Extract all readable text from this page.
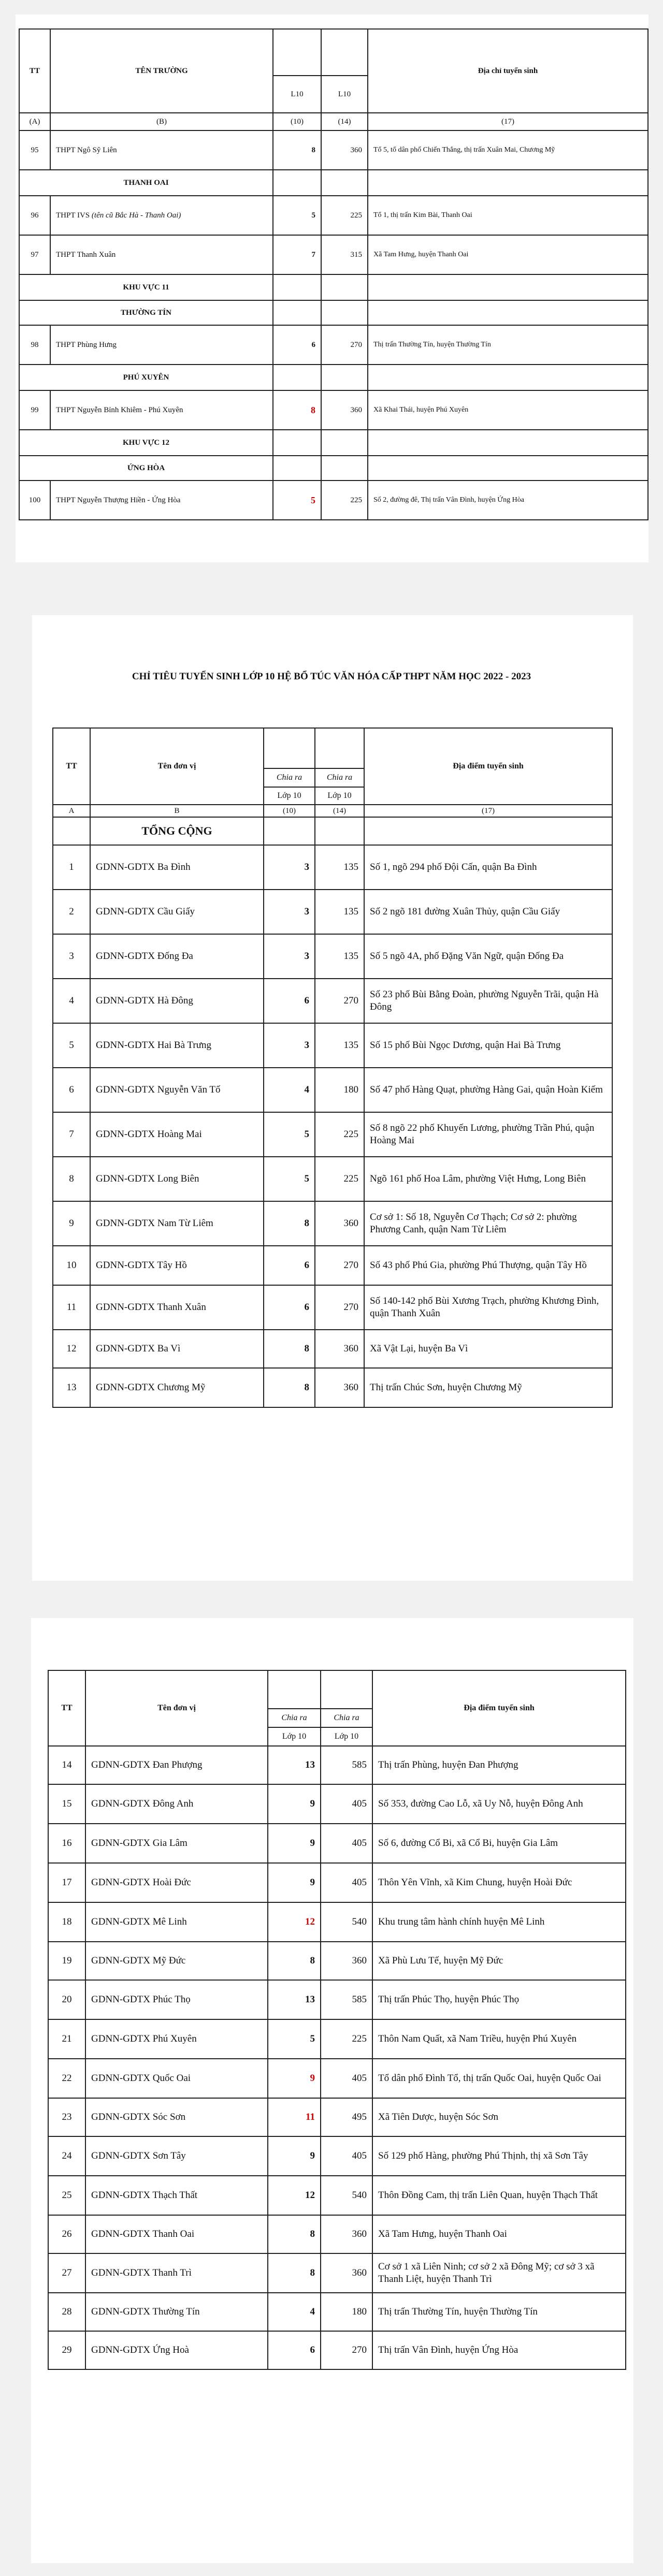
TT	TÊN TRƯỜNG			Địa chỉ tuyển sinh
		L10	L10	
(A)	(B)	(10)	(14)	(17)
95	THPT Ngô Sỹ Liên	8	360	Tổ 5, tổ dân phố Chiến Thắng, thị trấn Xuân Mai, Chương Mỹ
THANH OAI				
96	THPT IVS (tên cũ Bắc Hà - Thanh Oai)	5	225	Tổ 1, thị trấn Kim Bài, Thanh Oai
97	THPT Thanh Xuân	7	315	Xã Tam Hưng, huyện Thanh Oai
KHU VỰC 11				
THƯỜNG TÍN				
98	THPT Phùng Hưng	6	270	Thị trấn Thường Tín, huyện Thường Tín
PHÚ XUYÊN				
99	THPT Nguyễn Bỉnh Khiêm - Phú Xuyên	8	360	Xã Khai Thái, huyện Phú Xuyên
KHU VỰC 12				
ỨNG HÒA				
100	THPT Nguyễn Thượng Hiền - Ứng Hòa	5	225	Số 2, đường đê, Thị trấn Vân Đình, huyện Ứng Hòa
CHỈ TIÊU TUYỂN SINH LỚP 10 HỆ BỔ TÚC VĂN HÓA CẤP THPT NĂM HỌC 2022 - 2023
TT	Tên đơn vị			Địa điểm tuyển sinh
		Chia ra	Chia ra	
		Lớp 10	Lớp 10	
A	B	(10)	(14)	(17)
	TỔNG CỘNG			
1	GDNN-GDTX Ba Đình	3	135	Số 1, ngõ 294 phố Đội Cấn, quận Ba Đình
2	GDNN-GDTX Cầu Giấy	3	135	Số 2 ngõ 181 đường Xuân Thủy, quận Cầu Giấy
3	GDNN-GDTX Đống Đa	3	135	Số 5 ngõ 4A, phố Đặng Văn Ngữ, quận Đống Đa
4	GDNN-GDTX Hà Đông	6	270	Số 23 phố Bùi Bằng Đoàn, phường Nguyễn Trãi, quận Hà Đông
5	GDNN-GDTX Hai Bà Trưng	3	135	Số 15 phố Bùi Ngọc Dương, quận Hai Bà Trưng
6	GDNN-GDTX Nguyễn Văn Tố	4	180	Số 47 phố Hàng Quạt, phường Hàng Gai, quận Hoàn Kiếm
7	GDNN-GDTX Hoàng Mai	5	225	Số 8 ngõ 22 phố Khuyến Lương, phường Trần Phú, quận Hoàng Mai
8	GDNN-GDTX Long Biên	5	225	Ngõ 161 phố Hoa Lâm, phường Việt Hưng, Long Biên
9	GDNN-GDTX Nam Từ Liêm	8	360	Cơ sở 1: Số 18, Nguyễn Cơ Thạch; Cơ sở 2: phường Phương Canh, quận Nam Từ Liêm
10	GDNN-GDTX Tây Hồ	6	270	Số 43 phố Phú Gia, phường Phú Thượng, quận Tây Hồ
11	GDNN-GDTX Thanh Xuân	6	270	Số 140-142 phố Bùi Xương Trạch, phường Khương Đình, quận Thanh Xuân
12	GDNN-GDTX Ba Vì	8	360	Xã Vật Lại, huyện Ba Vì
13	GDNN-GDTX Chương Mỹ	8	360	Thị trấn Chúc Sơn, huyện Chương Mỹ
TT	Tên đơn vị			Địa điểm tuyển sinh
		Chia ra	Chia ra	
		Lớp 10	Lớp 10	
14	GDNN-GDTX Đan Phượng	13	585	Thị trấn Phùng, huyện Đan Phượng
15	GDNN-GDTX Đông Anh	9	405	Số 353, đường Cao Lỗ, xã Uy Nỗ, huyện Đông Anh
16	GDNN-GDTX Gia Lâm	9	405	Số 6, đường Cổ Bi, xã Cổ Bi, huyện Gia Lâm
17	GDNN-GDTX Hoài Đức	9	405	Thôn Yên Vĩnh, xã Kim Chung, huyện Hoài Đức
18	GDNN-GDTX Mê Linh	12	540	Khu trung tâm hành chính huyện Mê Linh
19	GDNN-GDTX Mỹ Đức	8	360	Xã Phù Lưu Tế, huyện Mỹ Đức
20	GDNN-GDTX Phúc Thọ	13	585	Thị trấn Phúc Thọ, huyện Phúc Thọ
21	GDNN-GDTX Phú Xuyên	5	225	Thôn Nam Quất, xã Nam Triều, huyện Phú Xuyên
22	GDNN-GDTX Quốc Oai	9	405	Tổ dân phố Đình Tổ, thị trấn Quốc Oai, huyện Quốc Oai
23	GDNN-GDTX Sóc Sơn	11	495	Xã Tiên Dược, huyện Sóc Sơn
24	GDNN-GDTX Sơn Tây	9	405	Số 129 phố Hàng, phường Phú Thịnh, thị xã Sơn Tây
25	GDNN-GDTX Thạch Thất	12	540	Thôn Đồng Cam, thị trấn Liên Quan, huyện Thạch Thất
26	GDNN-GDTX Thanh Oai	8	360	Xã Tam Hưng, huyện Thanh Oai
27	GDNN-GDTX Thanh Trì	8	360	Cơ sở 1 xã Liên Ninh; cơ sở 2 xã Đông Mỹ; cơ sở 3 xã Thanh Liệt, huyện Thanh Trì
28	GDNN-GDTX Thường Tín	4	180	Thị trấn Thường Tín, huyện Thường Tín
29	GDNN-GDTX Ứng Hoà	6	270	Thị trấn Vân Đình, huyện Ứng Hòa
